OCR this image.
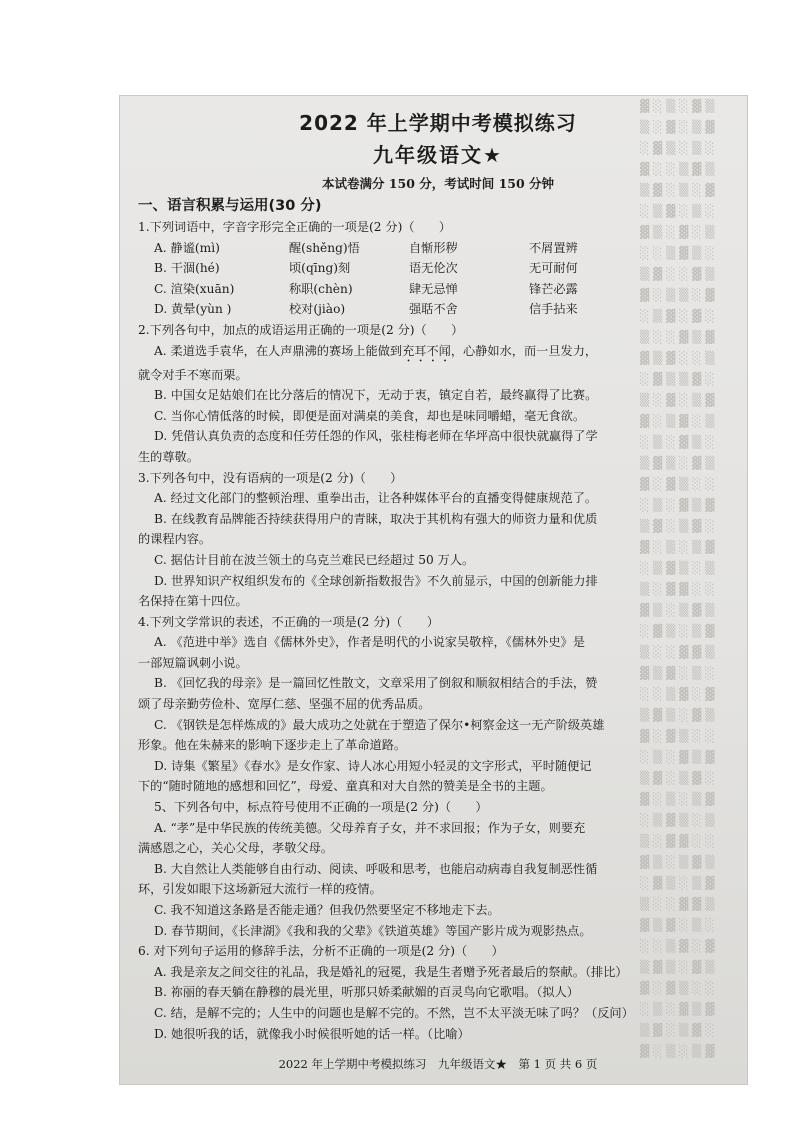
▓ ░ ▒ ░ ▓ ▒
▒ ░ ▓ ░ ▒ ▓
░ ▓ ▒ ░ ▒ ░
▓ ░ ░ ▒ ▓ ▒
▒ ▓ ░ ▒ ░ ▓
░ ▒ ▓ ░ ▒ ░
▓ ▒ ░ ▓ ░ ▒
░ ░ ▒ ▓ ▒ ░
▒ ▓ ░ ░ ▓ ▒
▓ ░ ▒ ▒ ░ ▓
░ ▒ ▓ ░ ▓ ░
▒ ░ ░ ▓ ▒ ▓
▓ ▒ ▓ ░ ░ ▒
░ ▓ ▒ ▒ ▓ ░
▒ ░ ▓ ░ ▒ ▓
▓ ░ ▒ ▓ ░ ▒
░ ▒ ░ ▓ ▒ ░
▒ ▓ ▒ ░ ▓ ▒
▓ ░ ▓ ▒ ░ ░
░ ▒ ░ ▓ ▒ ▓
▒ ▓ ░ ▒ ▓ ░
▓ ░ ▒ ░ ▒ ▓
░ ▒ ▓ ▒ ░ ▒
▒ ░ ▓ ▓ ░ ░
▓ ▒ ░ ▒ ▓ ▒
░ ▓ ▒ ░ ▒ ▓
▒ ░ ░ ▓ ▓ ▒
▓ ▒ ▓ ░ ▒ ░
░ ░ ▒ ▓ ░ ▓
▒ ▓ ▒ ░ ▓ ▒
▓ ░ ▓ ▒ ░ ░
░ ▒ ░ ▓ ▒ ▓
▒ ▓ ░ ▒ ▓ ░
▓ ░ ▒ ░ ▒ ▓
░ ▒ ▓ ▒ ░ ▒
▒ ░ ▓ ▓ ░ ░
▓ ▒ ░ ▒ ▓ ▒
░ ▓ ▒ ░ ▒ ▓
▒ ░ ░ ▓ ▓ ▒
▓ ▒ ▓ ░ ▒ ░
░ ░ ▒ ▓ ░ ▓
▒ ▓ ▒ ░ ▓ ▒
▓ ░ ▓ ▒ ░ ░
░ ▒ ░ ▓ ▒ ▓
▒ ▓ ░ ▒ ▓ ░
▓ ░ ▒ ░ ▒ ▓
2022 年上学期中考模拟练习
九年级语文★
本试卷满分 150 分，考试时间 150 分钟
一、语言积累与运用(30 分)
1.下列词语中，字音字形完全正确的一项是(2 分)（　　）
A. 静谧(mì)	醒(shěng)悟	自惭形秽	不屑置辨
B. 干涸(hé)	顷(qīng)刻	语无伦次	无可耐何
C. 渲染(xuān)	称职(chèn)	肆无忌惮	锋芒必露
D. 黄晕(yùn )	校对(jiào)	强聒不舍	信手拈来
2.下列各句中，加点的成语运用正确的一项是(2 分)（　　）
A. 柔道选手袁华，在人声鼎沸的赛场上能做到充耳不闻，心静如水，而一旦发力，
就令对手不寒而栗。
B. 中国女足姑娘们在比分落后的情况下，无动于衷，镇定自若，最终赢得了比赛。
C. 当你心情低落的时候，即便是面对满桌的美食，却也是味同嚼蜡，毫无食欲。
D. 凭借认真负责的态度和任劳任怨的作风，张桂梅老师在华坪高中很快就赢得了学
生的尊敬。
3.下列各句中，没有语病的一项是(2 分)（　　）
A. 经过文化部门的整顿治理、重拳出击，让各种媒体平台的直播变得健康规范了。
B. 在线教育品牌能否持续获得用户的青睐，取决于其机构有强大的师资力量和优质
的课程内容。
C. 据估计目前在波兰领土的乌克兰难民已经超过 50 万人。
D. 世界知识产权组织发布的《全球创新指数报告》不久前显示，中国的创新能力排
名保持在第十四位。
4.下列文学常识的表述，不正确的一项是(2 分)（　　）
A. 《范进中举》选自《儒林外史》，作者是明代的小说家吴敬梓，《儒林外史》是
一部短篇讽刺小说。
B. 《回忆我的母亲》是一篇回忆性散文，文章采用了倒叙和顺叙相结合的手法，赞
颂了母亲勤劳俭朴、宽厚仁慈、坚强不屈的优秀品质。
C. 《钢铁是怎样炼成的》最大成功之处就在于塑造了保尔•柯察金这一无产阶级英雄
形象。他在朱赫来的影响下逐步走上了革命道路。
D. 诗集《繁星》《春水》是女作家、诗人冰心用短小轻灵的文字形式，平时随便记
下的“随时随地的感想和回忆”，母爱、童真和对大自然的赞美是全书的主题。
5、下列各句中，标点符号使用不正确的一项是(2 分)（　　）
A. “孝”是中华民族的传统美德。父母养育子女，并不求回报；作为子女，则要充
满感恩之心，关心父母，孝敬父母。
B. 大自然让人类能够自由行动、阅读、呼吸和思考，也能启动病毒自我复制恶性循
环，引发如眼下这场新冠大流行一样的疫情。
C. 我不知道这条路是否能走通？但我仍然要坚定不移地走下去。
D. 春节期间，《长津湖》《我和我的父辈》《铁道英雄》等国产影片成为观影热点。
6. 对下列句子运用的修辞手法，分析不正确的一项是(2 分)（　　）
A. 我是亲友之间交往的礼品，我是婚礼的冠冕，我是生者赠予死者最后的祭献。（排比）
B. 祢丽的春天躺在静穆的晨光里，听那只娇柔献媚的百灵鸟向它歌唱。（拟人）
C. 结，是解不完的；人生中的问题也是解不完的。不然，岂不太平淡无味了吗？（反问）
D. 她很听我的话，就像我小时候很听她的话一样。（比喻）
2022 年上学期中考模拟练习　九年级语文★　第 1 页 共 6 页
